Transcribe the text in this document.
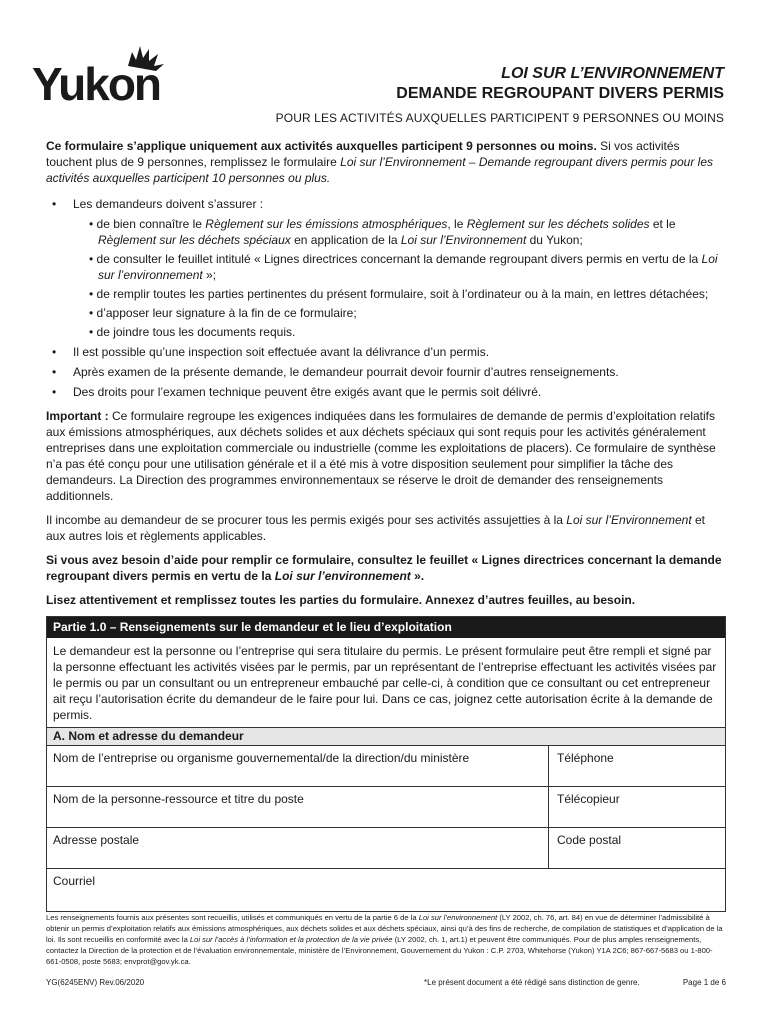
Yukon	LOI SUR L’ENVIRONNEMENT
DEMANDE REGROUPANT DIVERS PERMIS
POUR LES ACTIVITÉS AUXQUELLES PARTICIPENT 9 PERSONNES OU MOINS

Ce formulaire s’applique uniquement aux activités auxquelles participent 9 personnes ou moins. Si vos activités touchent plus de 9 personnes, remplissez le formulaire Loi sur l’Environnement – Demande regroupant divers permis pour les activités auxquelles participent 10 personnes ou plus.

• Les demandeurs doivent s’assurer :
• de bien connaître le Règlement sur les émissions atmosphériques, le Règlement sur les déchets solides et le Règlement sur les déchets spéciaux en application de la Loi sur l’Environnement du Yukon;
• de consulter le feuillet intitulé « Lignes directrices concernant la demande regroupant divers permis en vertu de la Loi sur l’environnement »;
• de remplir toutes les parties pertinentes du présent formulaire, soit à l’ordinateur ou à la main, en lettres détachées;
• d’apposer leur signature à la fin de ce formulaire;
• de joindre tous les documents requis.
• Il est possible qu’une inspection soit effectuée avant la délivrance d’un permis.
• Après examen de la présente demande, le demandeur pourrait devoir fournir d’autres renseignements.
• Des droits pour l’examen technique peuvent être exigés avant que le permis soit délivré.

Important : Ce formulaire regroupe les exigences indiquées dans les formulaires de demande de permis d’exploitation relatifs aux émissions atmosphériques, aux déchets solides et aux déchets spéciaux qui sont requis pour les activités généralement entreprises dans une exploitation commerciale ou industrielle (comme les exploitations de placers). Ce formulaire de synthèse n’a pas été conçu pour une utilisation générale et il a été mis à votre disposition seulement pour simplifier la tâche des demandeurs. La Direction des programmes environnementaux se réserve le droit de demander des renseignements additionnels.

Il incombe au demandeur de se procurer tous les permis exigés pour ses activités assujetties à la Loi sur l’Environnement et aux autres lois et règlements applicables.

Si vous avez besoin d’aide pour remplir ce formulaire, consultez le feuillet « Lignes directrices concernant la demande regroupant divers permis en vertu de la Loi sur l’environnement ».

Lisez attentivement et remplissez toutes les parties du formulaire. Annexez d’autres feuilles, au besoin.

Partie 1.0 – Renseignements sur le demandeur et le lieu d’exploitation
Le demandeur est la personne ou l’entreprise qui sera titulaire du permis. Le présent formulaire peut être rempli et signé par la personne effectuant les activités visées par le permis, par un représentant de l’entreprise effectuant les activités visées par le permis ou par un consultant ou un entrepreneur embauché par celle-ci, à condition que ce consultant ou cet entrepreneur ait reçu l’autorisation écrite du demandeur de le faire pour lui. Dans ce cas, joignez cette autorisation écrite à la demande de permis.
A. Nom et adresse du demandeur
Nom de l’entreprise ou organisme gouvernemental/de la direction/du ministère	Téléphone
Nom de la personne-ressource et titre du poste	Télécopieur
Adresse postale	Code postal
Courriel
Les renseignements fournis aux présentes sont recueillis, utilisés et communiqués en vertu de la partie 6 de la Loi sur l’environnement (LY 2002, ch. 76, art. 84) en vue de déterminer l’admissibilité à obtenir un permis d’exploitation relatifs aux émissions atmosphériques, aux déchets solides et aux déchets spéciaux, ainsi qu’à des fins de recherche, de compilation de statistiques et d’application de la loi. Ils sont recueillis en conformité avec la Loi sur l’accès à l’information et la protection de la vie privée (LY 2002, ch. 1, art.1) et peuvent être communiqués. Pour de plus amples renseignements, contactez la Direction de la protection et de l’évaluation environnementale, ministère de l’Environnement, Gouvernement du Yukon : C.P. 2703, Whitehorse (Yukon) Y1A 2C6; 867-667-5683 ou 1-800-661-0508, poste 5683; envprot@gov.yk.ca.
YG(6245ENV) Rev.06/2020	*Le présent document a été rédigé sans distinction de genre.	Page 1 de 6
